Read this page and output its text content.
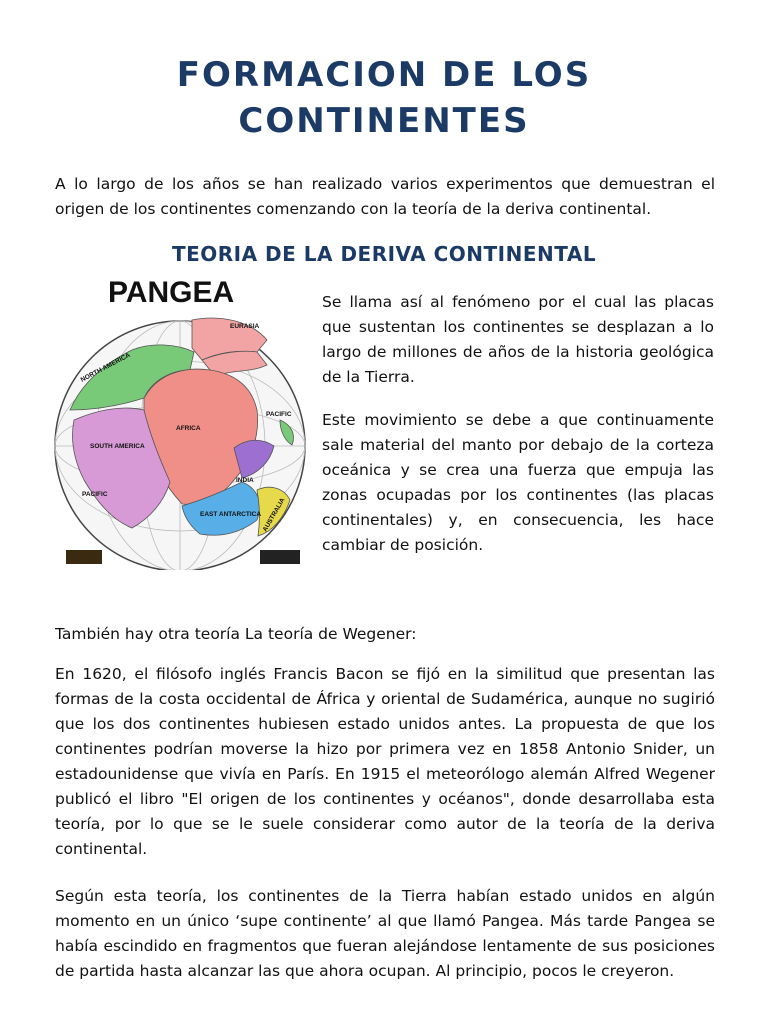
FORMACION DE LOS
CONTINENTES

A lo largo de los años se han realizado varios experimentos que demuestran el origen de los continentes comenzando con la teoría de la deriva continental.

TEORIA DE LA DERIVA CONTINENTAL
PANGEA
EURASIA
NORTH AMERICA
AFRICA
SOUTH AMERICA
INDIA
EAST ANTARCTICA AUSTRALIA
PACIFIC
PACIFIC

Se llama así al fenómeno por el cual las placas que sustentan los continentes se desplazan a lo largo de millones de años de la historia geológica de la Tierra.

Este movimiento se debe a que continuamente sale material del manto por debajo de la corteza oceánica y se crea una fuerza que empuja las zonas ocupadas por los continentes (las placas continentales) y, en consecuencia, les hace cambiar de posición.

También hay otra teoría La teoría de Wegener:

En 1620, el filósofo inglés Francis Bacon se fijó en la similitud que presentan las formas de la costa occidental de África y oriental de Sudamérica, aunque no sugirió que los dos continentes hubiesen estado unidos antes. La propuesta de que los continentes podrían moverse la hizo por primera vez en 1858 Antonio Snider, un estadounidense que vivía en París. En 1915 el meteorólogo alemán Alfred Wegener publicó el libro "El origen de los continentes y océanos", donde desarrollaba esta teoría, por lo que se le suele considerar como autor de la teoría de la deriva continental.

Según esta teoría, los continentes de la Tierra habían estado unidos en algún momento en un único ‘supe continente’ al que llamó Pangea. Más tarde Pangea se había escindido en fragmentos que fueran alejándose lentamente de sus posiciones de partida hasta alcanzar las que ahora ocupan. Al principio, pocos le creyeron.
